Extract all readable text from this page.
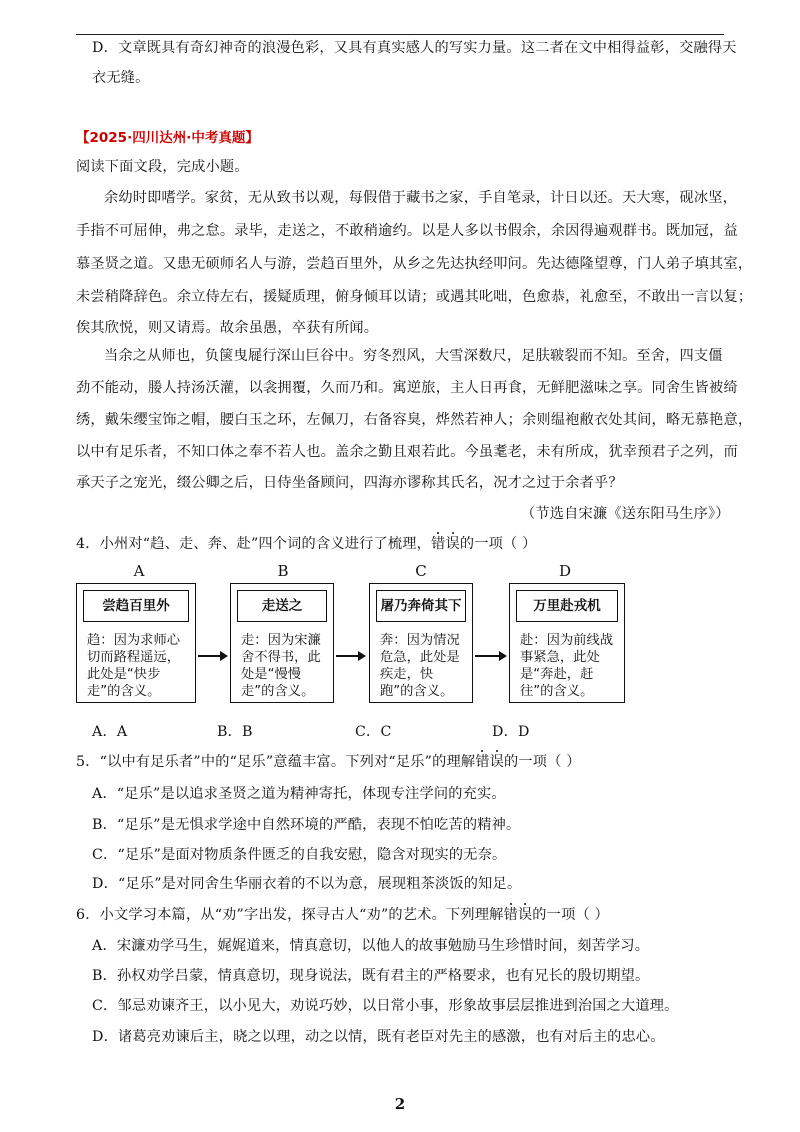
D．文章既具有奇幻神奇的浪漫色彩，又具有真实感人的写实力量。这二者在文中相得益彰，交融得天
衣无缝。
【2025·四川达州·中考真题】
阅读下面文段，完成小题。
余幼时即嗜学。家贫，无从致书以观，每假借于藏书之家，手自笔录，计日以还。天大寒，砚冰坚，
手指不可屈伸，弗之怠。录毕，走送之，不敢稍逾约。以是人多以书假余，余因得遍观群书。既加冠，益
慕圣贤之道。又患无硕师名人与游，尝趋百里外，从乡之先达执经叩问。先达德隆望尊，门人弟子填其室，
未尝稍降辞色。余立侍左右，援疑质理，俯身倾耳以请；或遇其叱咄，色愈恭，礼愈至，不敢出一言以复；
俟其欣悦，则又请焉。故余虽愚，卒获有所闻。
当余之从师也，负箧曳屣行深山巨谷中。穷冬烈风，大雪深数尺，足肤皲裂而不知。至舍，四支僵
劲不能动，媵人持汤沃灌，以衾拥覆，久而乃和。寓逆旅，主人日再食，无鲜肥滋味之享。同舍生皆被绮
绣，戴朱缨宝饰之帽，腰白玉之环，左佩刀，右备容臭，烨然若神人；余则缊袍敝衣处其间，略无慕艳意，
以中有足乐者，不知口体之奉不若人也。盖余之勤且艰若此。今虽耄老，未有所成，犹幸预君子之列，而
承天子之宠光，缀公卿之后，日侍坐备顾问，四海亦谬称其氏名，况才之过于余者乎？
（节选自宋濂《送东阳马生序》）
4．小州对“趋、走、奔、赴”四个词的含义进行了梳理，错误的一项（ ）
A	B	C	D
尝趋百里外
趋：因为求师心切而路程遥远，此处是“快步走”的含义。
走送之
走：因为宋濂舍不得书，此处是“慢慢走”的含义。
屠乃奔倚其下
奔：因为情况危急，此处是疾走，快跑”的含义。
万里赴戎机
赴：因为前线战事紧急，此处是“奔赴，赶往”的含义。
A．A	B．B	C．C	D．D
5．“以中有足乐者”中的“足乐”意蕴丰富。下列对“足乐”的理解错误的一项（ ）
A．“足乐”是以追求圣贤之道为精神寄托，体现专注学问的充实。
B．“足乐”是无惧求学途中自然环境的严酷，表现不怕吃苦的精神。
C．“足乐”是面对物质条件匮乏的自我安慰，隐含对现实的无奈。
D．“足乐”是对同舍生华丽衣着的不以为意，展现粗茶淡饭的知足。
6．小文学习本篇，从“劝”字出发，探寻古人“劝”的艺术。下列理解错误的一项（ ）
A．宋濂劝学马生，娓娓道来，情真意切，以他人的故事勉励马生珍惜时间，刻苦学习。
B．孙权劝学吕蒙，情真意切，现身说法，既有君主的严格要求，也有兄长的殷切期望。
C．邹忌劝谏齐王，以小见大，劝说巧妙，以日常小事，形象故事层层推进到治国之大道理。
D．诸葛亮劝谏后主，晓之以理，动之以情，既有老臣对先主的感激，也有对后主的忠心。
2
